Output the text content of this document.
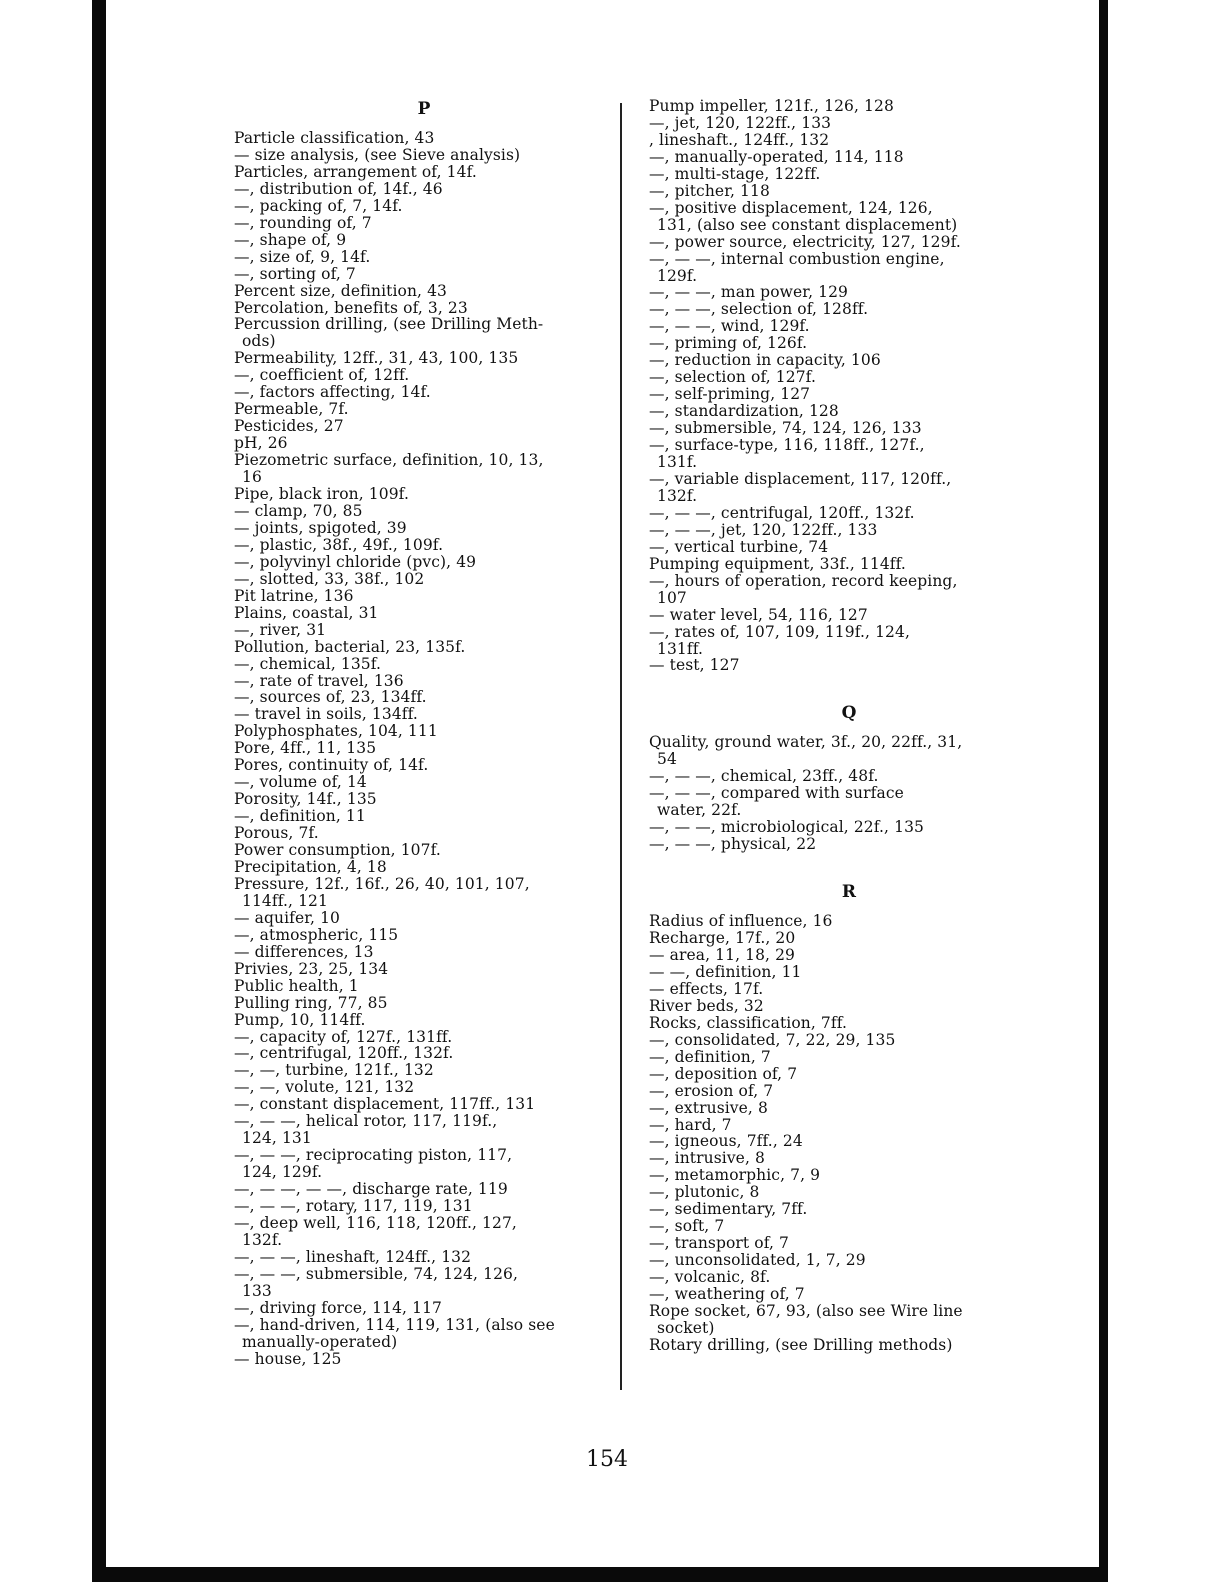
P
Particle classification, 43
— size analysis, (see Sieve analysis)
Particles, arrangement of, 14f.
—, distribution of, 14f., 46
—, packing of, 7, 14f.
—, rounding of, 7
—, shape of, 9
—, size of, 9, 14f.
—, sorting of, 7
Percent size, definition, 43
Percolation, benefits of, 3, 23
Percussion drilling, (see Drilling Meth-
ods)
Permeability, 12ff., 31, 43, 100, 135
—, coefficient of, 12ff.
—, factors affecting, 14f.
Permeable, 7f.
Pesticides, 27
pH, 26
Piezometric surface, definition, 10, 13,
16
Pipe, black iron, 109f.
— clamp, 70, 85
— joints, spigoted, 39
—, plastic, 38f., 49f., 109f.
—, polyvinyl chloride (pvc), 49
—, slotted, 33, 38f., 102
Pit latrine, 136
Plains, coastal, 31
—, river, 31
Pollution, bacterial, 23, 135f.
—, chemical, 135f.
—, rate of travel, 136
—, sources of, 23, 134ff.
— travel in soils, 134ff.
Polyphosphates, 104, 111
Pore, 4ff., 11, 135
Pores, continuity of, 14f.
—, volume of, 14
Porosity, 14f., 135
—, definition, 11
Porous, 7f.
Power consumption, 107f.
Precipitation, 4, 18
Pressure, 12f., 16f., 26, 40, 101, 107,
114ff., 121
— aquifer, 10
—, atmospheric, 115
— differences, 13
Privies, 23, 25, 134
Public health, 1
Pulling ring, 77, 85
Pump, 10, 114ff.
—, capacity of, 127f., 131ff.
—, centrifugal, 120ff., 132f.
—, —, turbine, 121f., 132
—, —, volute, 121, 132
—, constant displacement, 117ff., 131
—, — —, helical rotor, 117, 119f.,
124, 131
—, — —, reciprocating piston, 117,
124, 129f.
—, — —, — —, discharge rate, 119
—, — —, rotary, 117, 119, 131
—, deep well, 116, 118, 120ff., 127,
132f.
—, — —, lineshaft, 124ff., 132
—, — —, submersible, 74, 124, 126,
133
—, driving force, 114, 117
—, hand-driven, 114, 119, 131, (also see
manually-operated)
— house, 125
Pump impeller, 121f., 126, 128
—, jet, 120, 122ff., 133
, lineshaft., 124ff., 132
—, manually-operated, 114, 118
—, multi-stage, 122ff.
—, pitcher, 118
—, positive displacement, 124, 126,
131, (also see constant displacement)
—, power source, electricity, 127, 129f.
—, — —, internal combustion engine,
129f.
—, — —, man power, 129
—, — —, selection of, 128ff.
—, — —, wind, 129f.
—, priming of, 126f.
—, reduction in capacity, 106
—, selection of, 127f.
—, self-priming, 127
—, standardization, 128
—, submersible, 74, 124, 126, 133
—, surface-type, 116, 118ff., 127f.,
131f.
—, variable displacement, 117, 120ff.,
132f.
—, — —, centrifugal, 120ff., 132f.
—, — —, jet, 120, 122ff., 133
—, vertical turbine, 74
Pumping equipment, 33f., 114ff.
—, hours of operation, record keeping,
107
— water level, 54, 116, 127
—, rates of, 107, 109, 119f., 124,
131ff.
— test, 127
Q
Quality, ground water, 3f., 20, 22ff., 31,
54
—, — —, chemical, 23ff., 48f.
—, — —, compared with surface
water, 22f.
—, — —, microbiological, 22f., 135
—, — —, physical, 22
R
Radius of influence, 16
Recharge, 17f., 20
— area, 11, 18, 29
— —, definition, 11
— effects, 17f.
River beds, 32
Rocks, classification, 7ff.
—, consolidated, 7, 22, 29, 135
—, definition, 7
—, deposition of, 7
—, erosion of, 7
—, extrusive, 8
—, hard, 7
—, igneous, 7ff., 24
—, intrusive, 8
—, metamorphic, 7, 9
—, plutonic, 8
—, sedimentary, 7ff.
—, soft, 7
—, transport of, 7
—, unconsolidated, 1, 7, 29
—, volcanic, 8f.
—, weathering of, 7
Rope socket, 67, 93, (also see Wire line
socket)
Rotary drilling, (see Drilling methods)
154
